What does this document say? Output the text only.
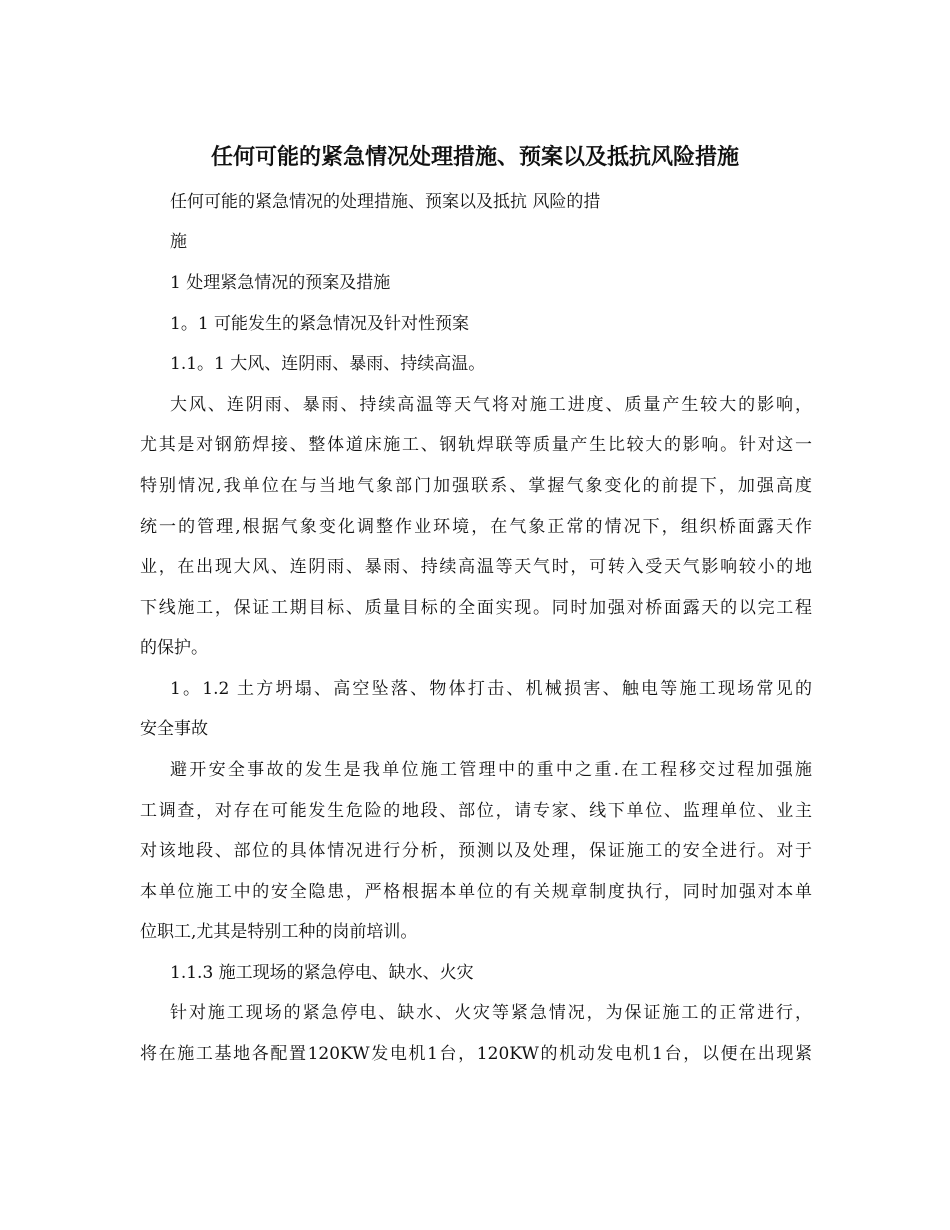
任何可能的紧急情况处理措施、预案以及抵抗风险措施

任何可能的紧急情况的处理措施、预案以及抵抗 风险的措

施

1 处理紧急情况的预案及措施

1。1 可能发生的紧急情况及针对性预案

1.1。1 大风、连阴雨、暴雨、持续高温。

大风、连阴雨、暴雨、持续高温等天气将对施工进度、质量产生较大的影响，

尤其是对钢筋焊接、整体道床施工、钢轨焊联等质量产生比较大的影响。针对这一

特别情况,我单位在与当地气象部门加强联系、掌握气象变化的前提下，加强高度

统一的管理,根据气象变化调整作业环境，在气象正常的情况下，组织桥面露天作

业，在出现大风、连阴雨、暴雨、持续高温等天气时，可转入受天气影响较小的地

下线施工，保证工期目标、质量目标的全面实现。同时加强对桥面露天的以完工程

的保护。

1。1.2 土方坍塌、高空坠落、物体打击、机械损害、触电等施工现场常见的

安全事故

避开安全事故的发生是我单位施工管理中的重中之重.在工程移交过程加强施

工调查，对存在可能发生危险的地段、部位，请专家、线下单位、监理单位、业主

对该地段、部位的具体情况进行分析，预测以及处理，保证施工的安全进行。对于

本单位施工中的安全隐患，严格根据本单位的有关规章制度执行，同时加强对本单

位职工,尤其是特别工种的岗前培训。

1.1.3 施工现场的紧急停电、缺水、火灾

针对施工现场的紧急停电、缺水、火灾等紧急情况，为保证施工的正常进行，

将在施工基地各配置120KW发电机1台，120KW的机动发电机1台，以便在出现紧
